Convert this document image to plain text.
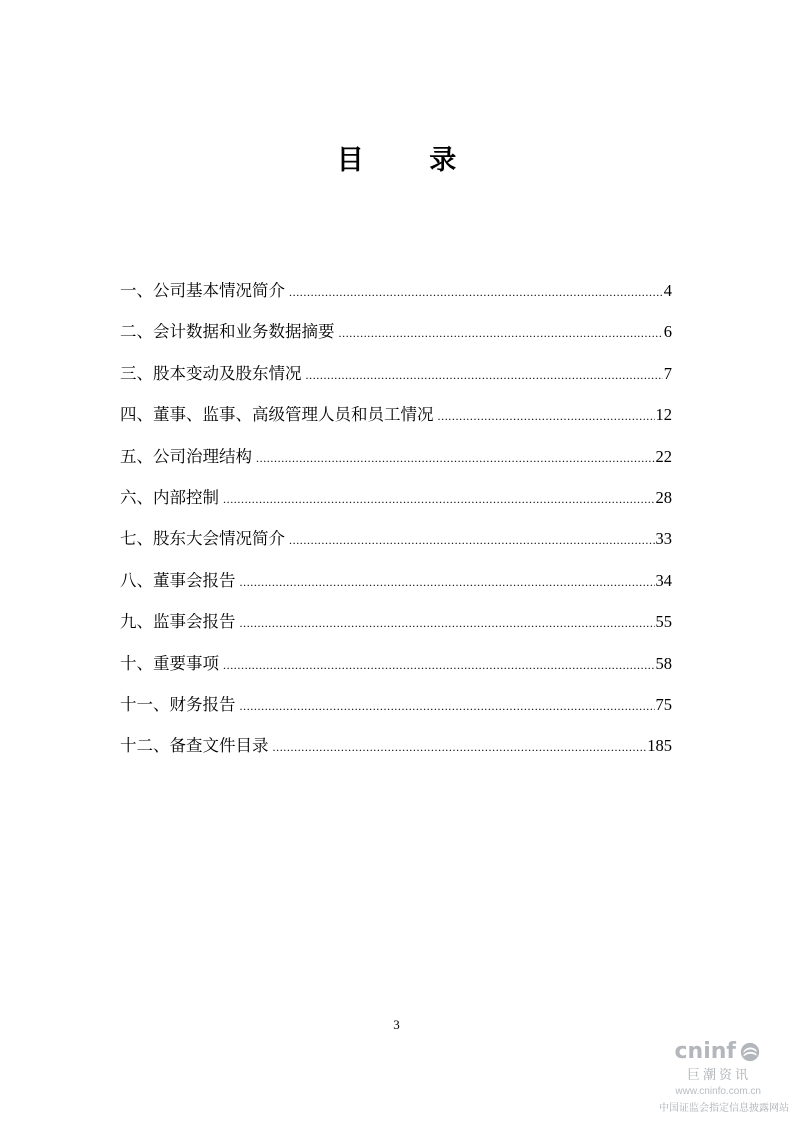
目 录
一、公司基本情况简介 .....	4
二、会计数据和业务数据摘要 .....	6
三、股本变动及股东情况 .....	7
四、董事、监事、高级管理人员和员工情况 .....	12
五、公司治理结构 .....	22
六、内部控制 .....	28
七、股东大会情况简介 .....	33
八、董事会报告 .....	34
九、监事会报告 .....	55
十、重要事项 .....	58
十一、财务报告 .....	75
十二、备查文件目录 .....	185
3
cninf
巨潮资讯
www.cninfo.com.cn
中国证监会指定信息披露网站
